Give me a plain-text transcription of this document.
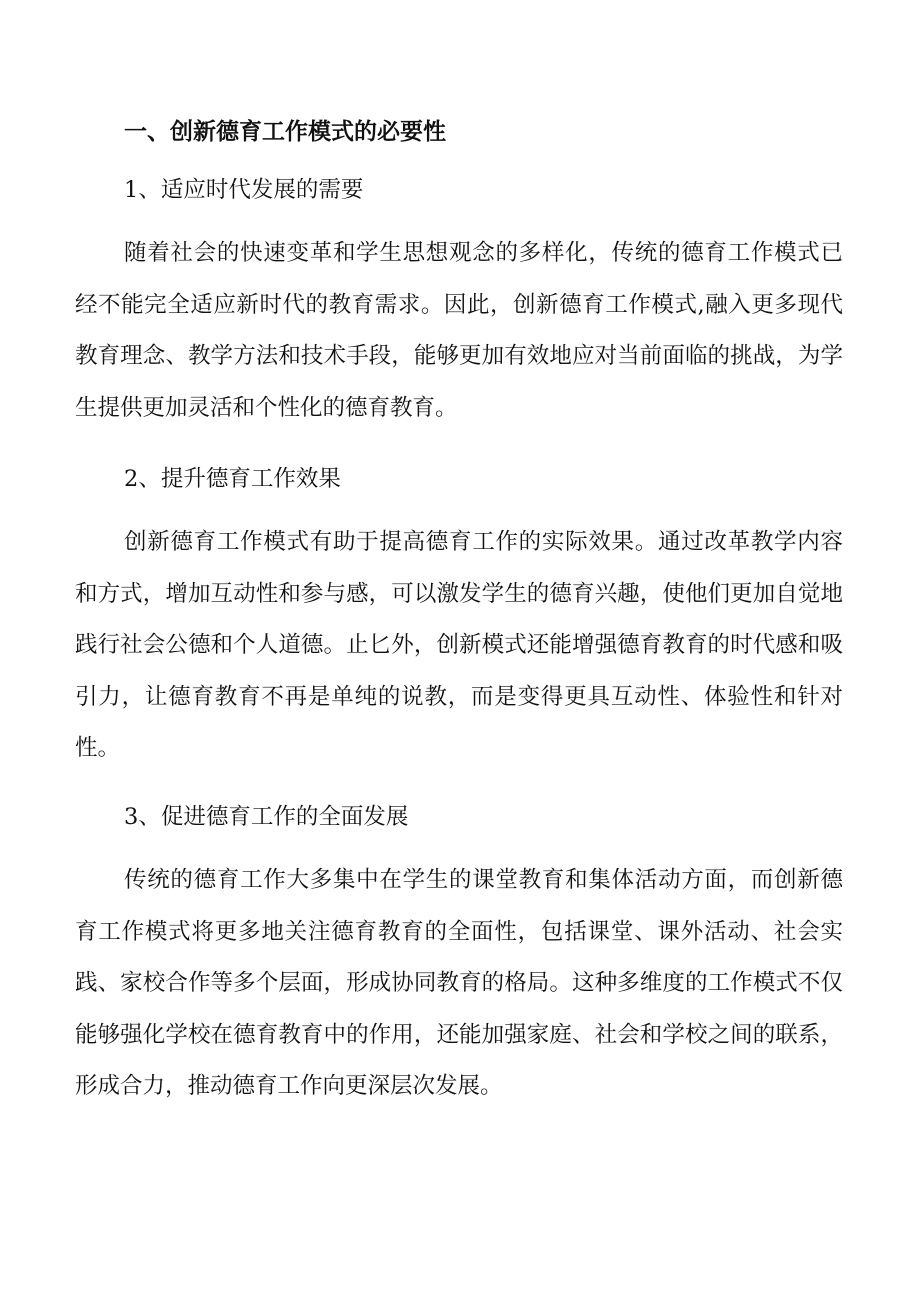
一、创新德育工作模式的必要性
1、适应时代发展的需要

随着社会的快速变革和学生思想观念的多样化，传统的德育工作模式已经不能完全适应新时代的教育需求。因此，创新德育工作模式,融入更多现代教育理念、教学方法和技术手段，能够更加有效地应对当前面临的挑战，为学生提供更加灵活和个性化的德育教育。

2、提升德育工作效果

创新德育工作模式有助于提高德育工作的实际效果。通过改革教学内容和方式，增加互动性和参与感，可以激发学生的德育兴趣，使他们更加自觉地践行社会公德和个人道德。止匕外，创新模式还能增强德育教育的时代感和吸引力，让德育教育不再是单纯的说教，而是变得更具互动性、体验性和针对性。

3、促进德育工作的全面发展

传统的德育工作大多集中在学生的课堂教育和集体活动方面，而创新德育工作模式将更多地关注德育教育的全面性，包括课堂、课外活动、社会实践、家校合作等多个层面，形成协同教育的格局。这种多维度的工作模式不仅能够强化学校在德育教育中的作用，还能加强家庭、社会和学校之间的联系，形成合力，推动德育工作向更深层次发展。
